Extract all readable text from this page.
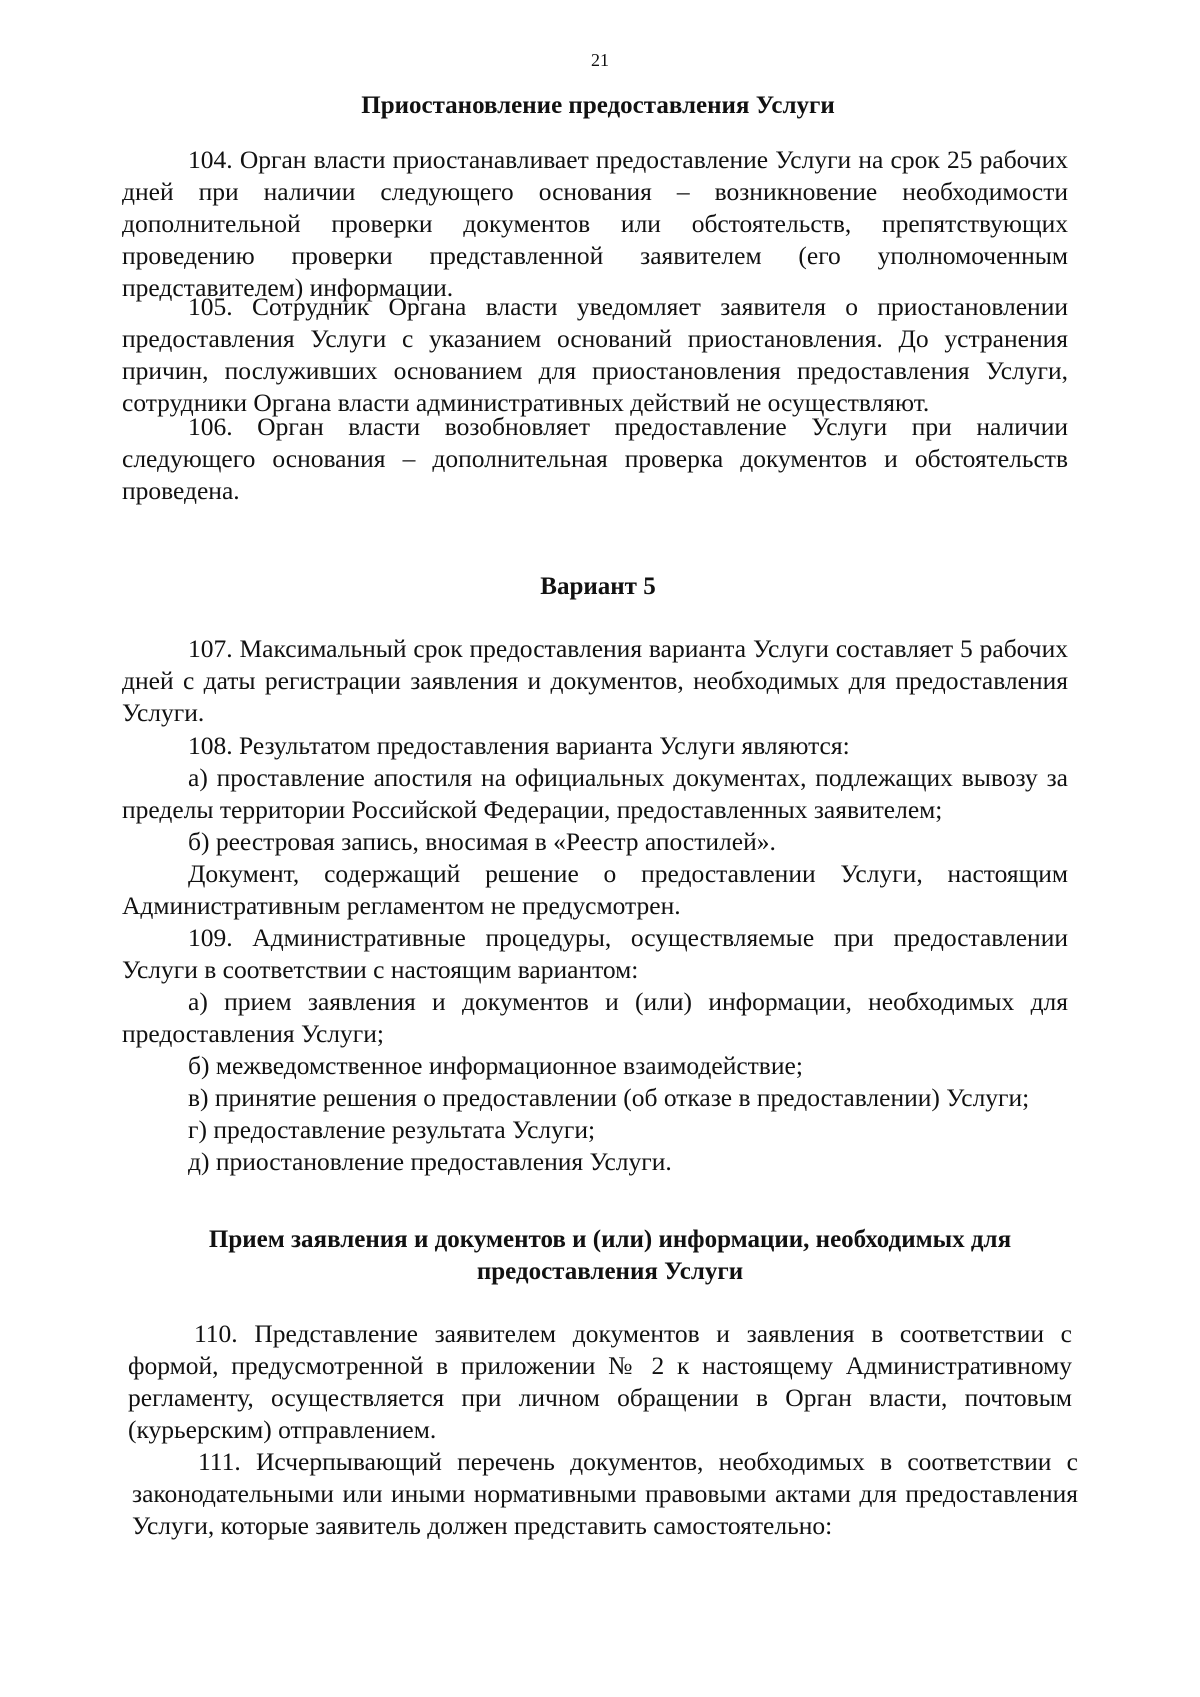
21
Приостановление предоставления Услуги

104. Орган власти приостанавливает предоставление Услуги на срок 25 рабочих дней при наличии следующего основания – возникновение необходимости дополнительной проверки документов или обстоятельств, препятствующих проведению проверки представленной заявителем (его уполномоченным представителем) информации.

105. Сотрудник Органа власти уведомляет заявителя о приостановлении предоставления Услуги с указанием оснований приостановления. До устранения причин, послуживших основанием для приостановления предоставления Услуги, сотрудники Органа власти административных действий не осуществляют.

106. Орган власти возобновляет предоставление Услуги при наличии следующего основания – дополнительная проверка документов и обстоятельств проведена.

Вариант 5

107. Максимальный срок предоставления варианта Услуги составляет 5 рабочих дней с даты регистрации заявления и документов, необходимых для предоставления Услуги.

108. Результатом предоставления варианта Услуги являются:

а) проставление апостиля на официальных документах, подлежащих вывозу за пределы территории Российской Федерации, предоставленных заявителем;

б) реестровая запись, вносимая в «Реестр апостилей».

Документ, содержащий решение о предоставлении Услуги, настоящим Административным регламентом не предусмотрен.

109. Административные процедуры, осуществляемые при предоставлении Услуги в соответствии с настоящим вариантом:

а) прием заявления и документов и (или) информации, необходимых для предоставления Услуги;

б) межведомственное информационное взаимодействие;

в) принятие решения о предоставлении (об отказе в предоставлении) Услуги;

г) предоставление результата Услуги;

д) приостановление предоставления Услуги.

Прием заявления и документов и (или) информации, необходимых для предоставления Услуги

110. Представление заявителем документов и заявления в соответствии с формой, предусмотренной в приложении № 2 к настоящему Административному регламенту, осуществляется при личном обращении в Орган власти, почтовым (курьерским) отправлением.

111. Исчерпывающий перечень документов, необходимых в соответствии с законодательными или иными нормативными правовыми актами для предоставления Услуги, которые заявитель должен представить самостоятельно:
